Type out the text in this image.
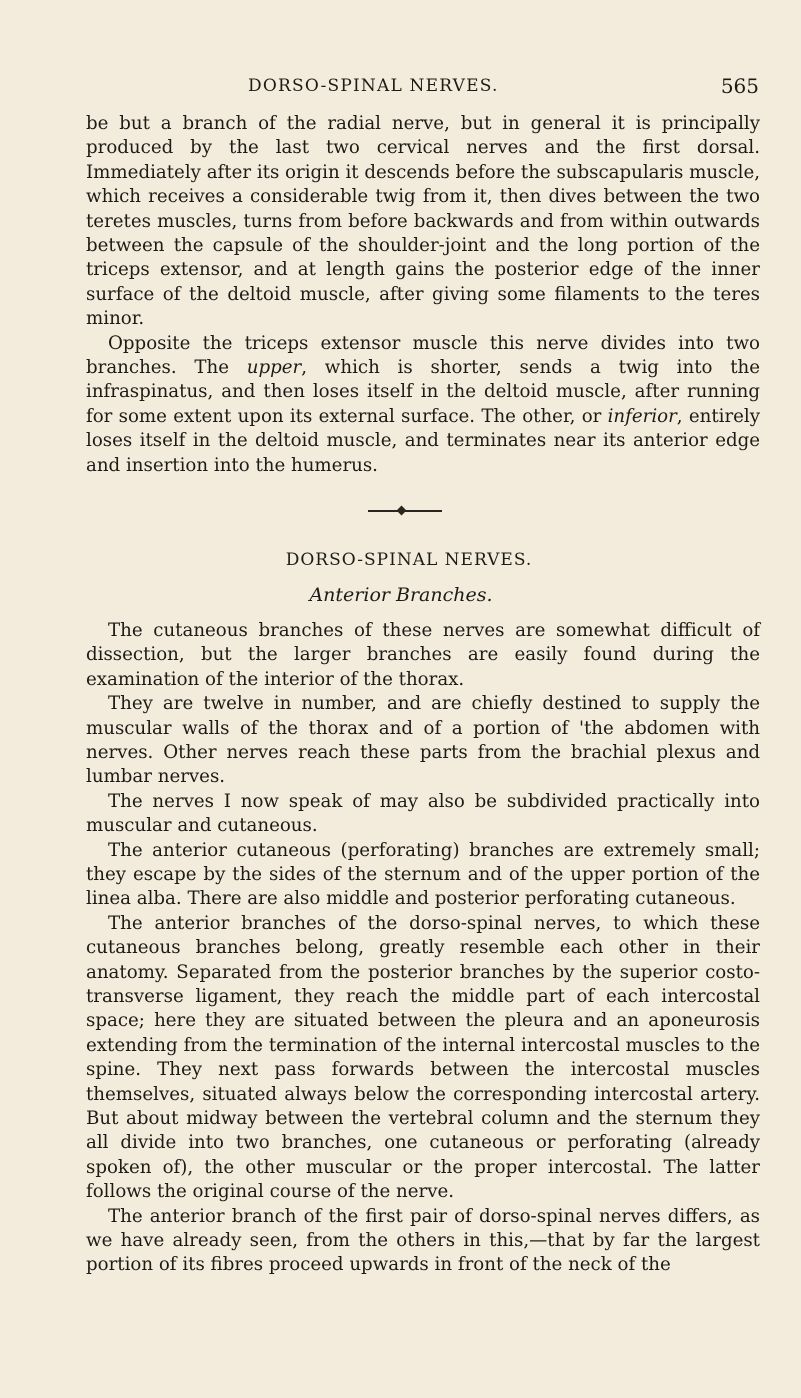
DORSO-SPINAL NERVES.	565

be but a branch of the radial nerve, but in general it is principally produced by the last two cervical nerves and the first dorsal. Immediately after its origin it descends before the subscapularis muscle, which receives a considerable twig from it, then dives between the two teretes muscles, turns from before backwards and from within outwards between the capsule of the shoulder-joint and the long portion of the triceps extensor, and at length gains the posterior edge of the inner surface of the deltoid muscle, after giving some filaments to the teres minor.

Opposite the triceps extensor muscle this nerve divides into two branches. The upper, which is shorter, sends a twig into the infraspinatus, and then loses itself in the deltoid muscle, after running for some extent upon its external surface. The other, or inferior, entirely loses itself in the deltoid muscle, and terminates near its anterior edge and insertion into the humerus.

DORSO-SPINAL NERVES.
Anterior Branches.

The cutaneous branches of these nerves are somewhat difficult of dissection, but the larger branches are easily found during the examination of the interior of the thorax.

They are twelve in number, and are chiefly destined to supply the muscular walls of the thorax and of a portion of 'the abdomen with nerves. Other nerves reach these parts from the brachial plexus and lumbar nerves.

The nerves I now speak of may also be subdivided practically into muscular and cutaneous.

The anterior cutaneous (perforating) branches are extremely small; they escape by the sides of the sternum and of the upper portion of the linea alba. There are also middle and posterior perforating cutaneous.

The anterior branches of the dorso-spinal nerves, to which these cutaneous branches belong, greatly resemble each other in their anatomy. Separated from the posterior branches by the superior costo-transverse ligament, they reach the middle part of each intercostal space; here they are situated between the pleura and an aponeurosis extending from the termination of the internal intercostal muscles to the spine. They next pass forwards between the intercostal muscles themselves, situated always below the corresponding intercostal artery. But about midway between the vertebral column and the sternum they all divide into two branches, one cutaneous or perforating (already spoken of), the other muscular or the proper intercostal. The latter follows the original course of the nerve.

The anterior branch of the first pair of dorso-spinal nerves differs, as we have already seen, from the others in this,—that by far the largest portion of its fibres proceed upwards in front of the neck of the
